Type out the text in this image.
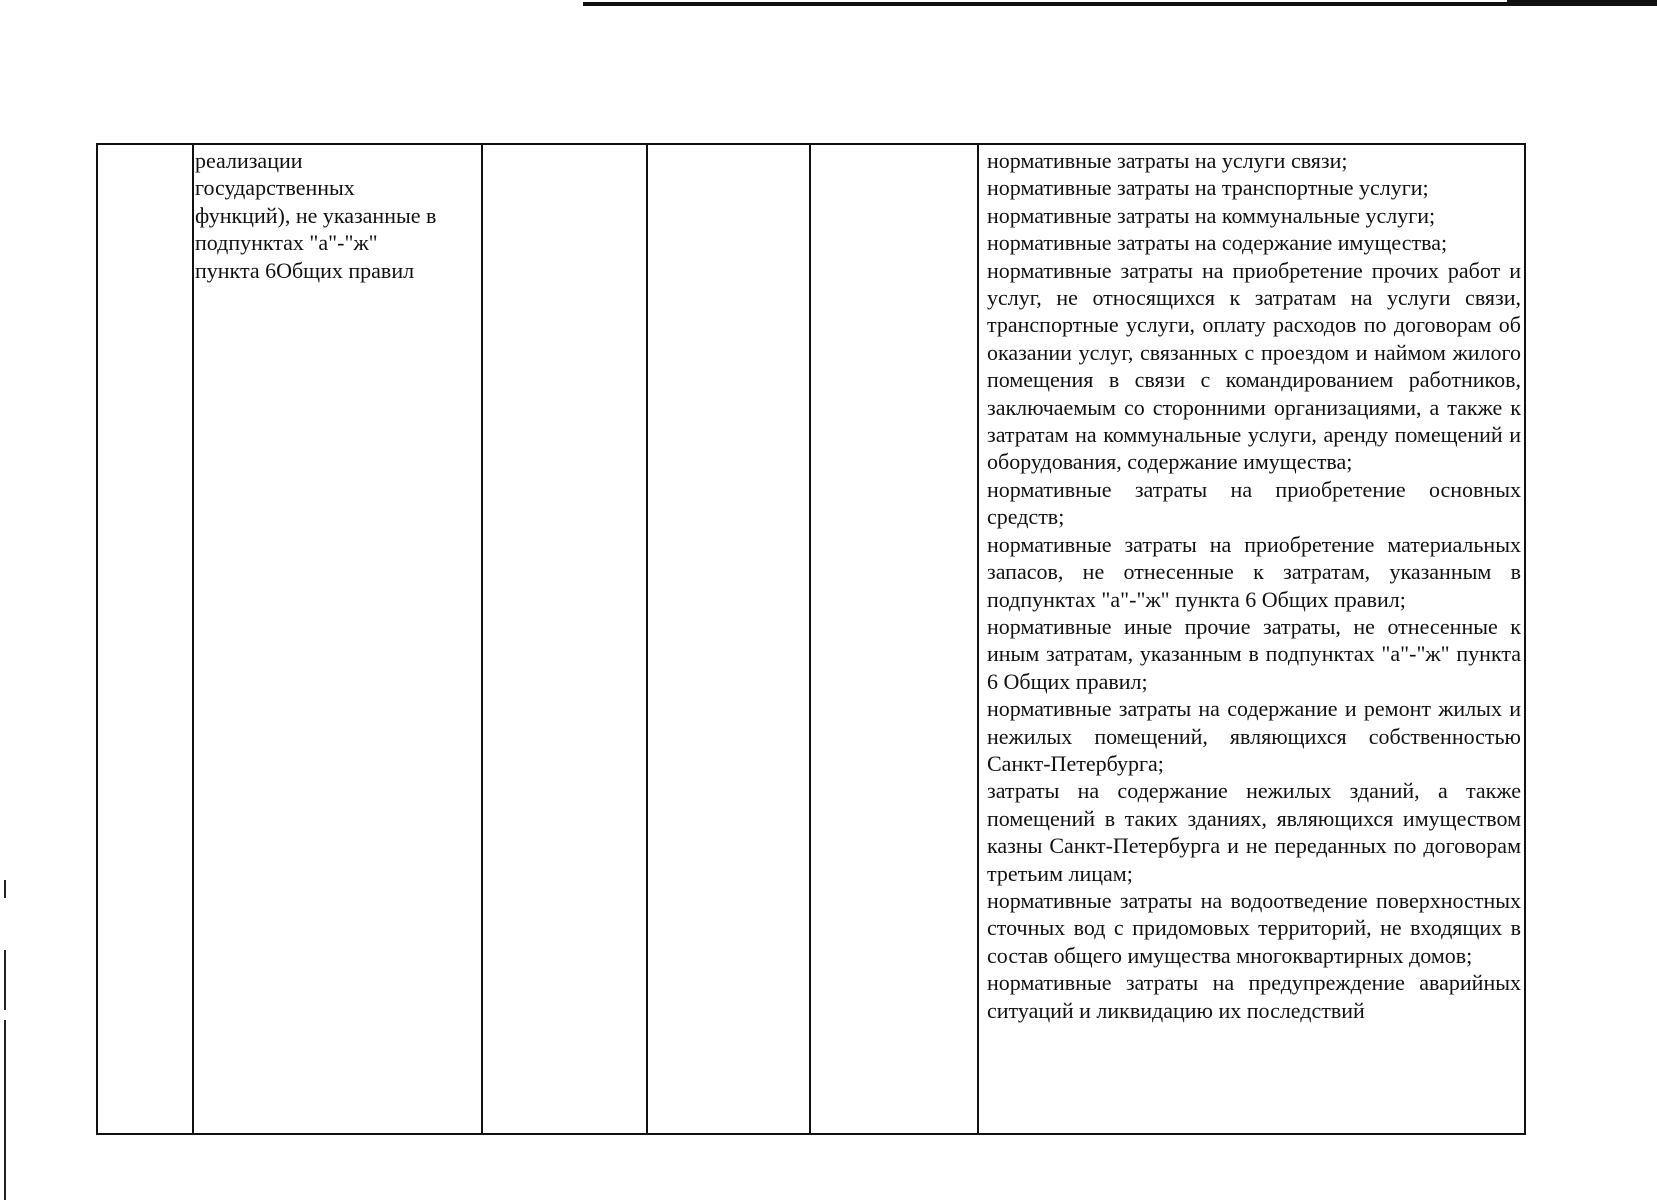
реализации
государственных
функций), не указанные в
подпунктах "а"-"ж"
пункта 6Общих правил
нормативные затраты на услуги связи;
нормативные затраты на транспортные услуги;
нормативные затраты на коммунальные услуги;
нормативные затраты на содержание имущества;
нормативные затраты на приобретение прочих работ и услуг, не относящихся к затратам на услуги связи, транспортные услуги, оплату расходов по договорам об оказании услуг, связанных с проездом и наймом жилого помещения в связи с командированием работников, заключаемым со сторонними организациями, а также к затратам на коммунальные услуги, аренду помещений и оборудования, содержание имущества;
нормативные затраты на приобретение основных средств;
нормативные затраты на приобретение материальных запасов, не отнесенные к затратам, указанным в подпунктах "а"-"ж" пункта 6 Общих правил;
нормативные иные прочие затраты, не отнесенные к иным затратам, указанным в подпунктах "а"-"ж" пункта 6 Общих правил;
нормативные затраты на содержание и ремонт жилых и нежилых помещений, являющихся собственностью Санкт-Петербурга;
затраты на содержание нежилых зданий, а также помещений в таких зданиях, являющихся имуществом казны Санкт-Петербурга и не переданных по договорам третьим лицам;
нормативные затраты на водоотведение поверхностных сточных вод с придомовых территорий, не входящих в состав общего имущества многоквартирных домов;
нормативные затраты на предупреждение аварийных ситуаций и ликвидацию их последствий
